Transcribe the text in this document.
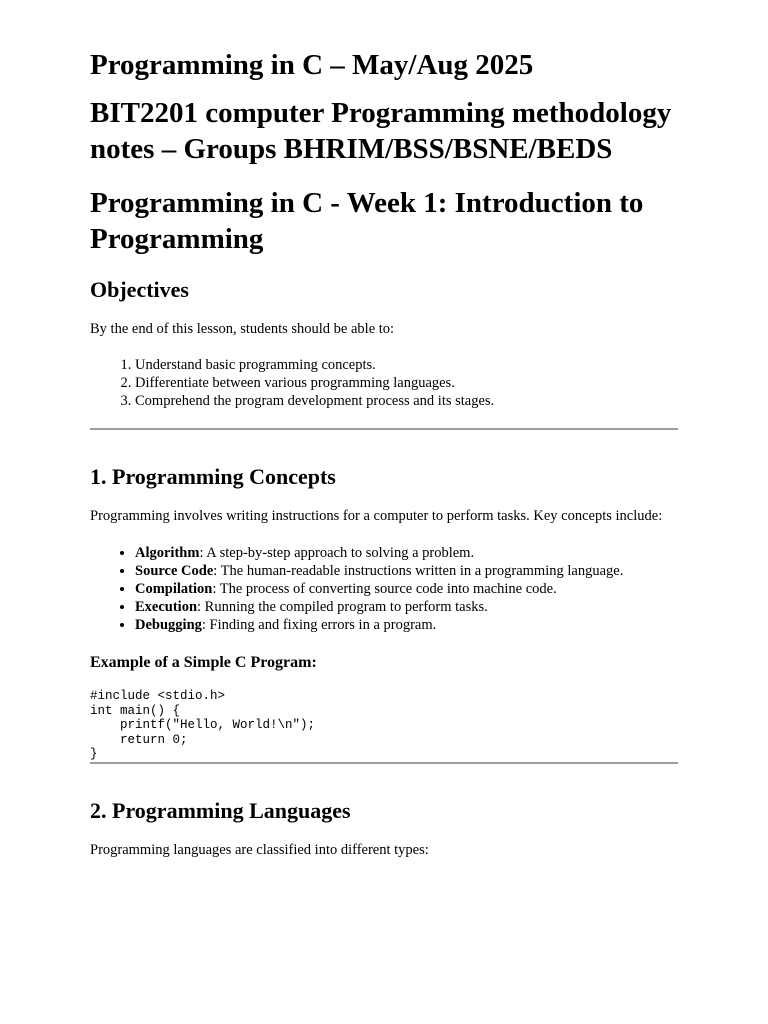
Programming in C – May/Aug 2025
BIT2201 computer Programming methodology notes – Groups BHRIM/BSS/BSNE/BEDS
Programming in C - Week 1: Introduction to Programming
Objectives

By the end of this lesson, students should be able to:

1. Understand basic programming concepts.
2. Differentiate between various programming languages.
3. Comprehend the program development process and its stages.
1. Programming Concepts

Programming involves writing instructions for a computer to perform tasks. Key concepts include:

• Algorithm: A step-by-step approach to solving a problem.
• Source Code: The human-readable instructions written in a programming language.
• Compilation: The process of converting source code into machine code.
• Execution: Running the compiled program to perform tasks.
• Debugging: Finding and fixing errors in a program.
Example of a Simple C Program:
#include <stdio.h>
int main() {
printf("Hello, World!\n");
return 0;
}
2. Programming Languages

Programming languages are classified into different types:
